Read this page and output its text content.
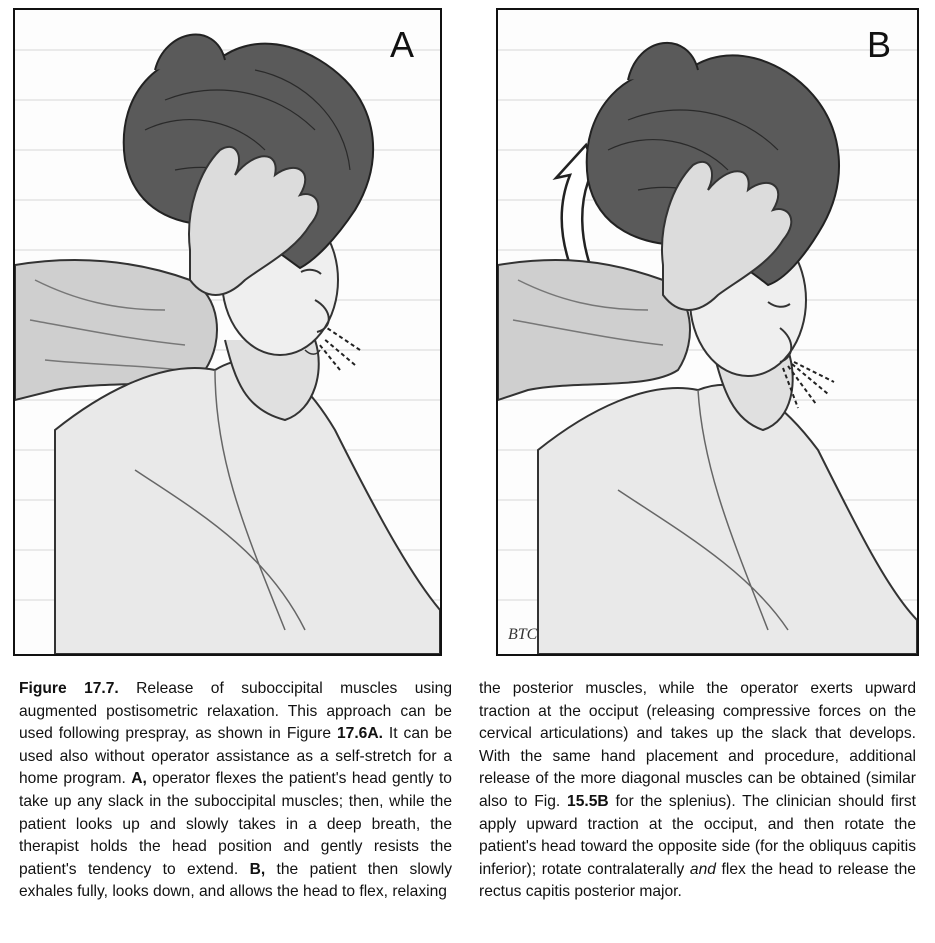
A	B
BTC

Figure 17.7. Release of suboccipital muscles using augmented postisometric relaxation. This approach can be used following prespray, as shown in Figure 17.6A. It can be used also without operator assistance as a self-stretch for a home program. A, operator flexes the patient's head gently to take up any slack in the suboccipital muscles; then, while the patient looks up and slowly takes in a deep breath, the therapist holds the head position and gently resists the patient's tendency to extend. B, the patient then slowly exhales fully, looks down, and allows the head to flex, relaxing

the posterior muscles, while the operator exerts upward traction at the occiput (releasing compressive forces on the cervical articulations) and takes up the slack that develops. With the same hand placement and procedure, additional release of the more diagonal muscles can be obtained (similar also to Fig. 15.5B for the splenius). The clinician should first apply upward traction at the occiput, and then rotate the patient's head toward the opposite side (for the obliquus capitis inferior); rotate contralaterally and flex the head to release the rectus capitis posterior major.
